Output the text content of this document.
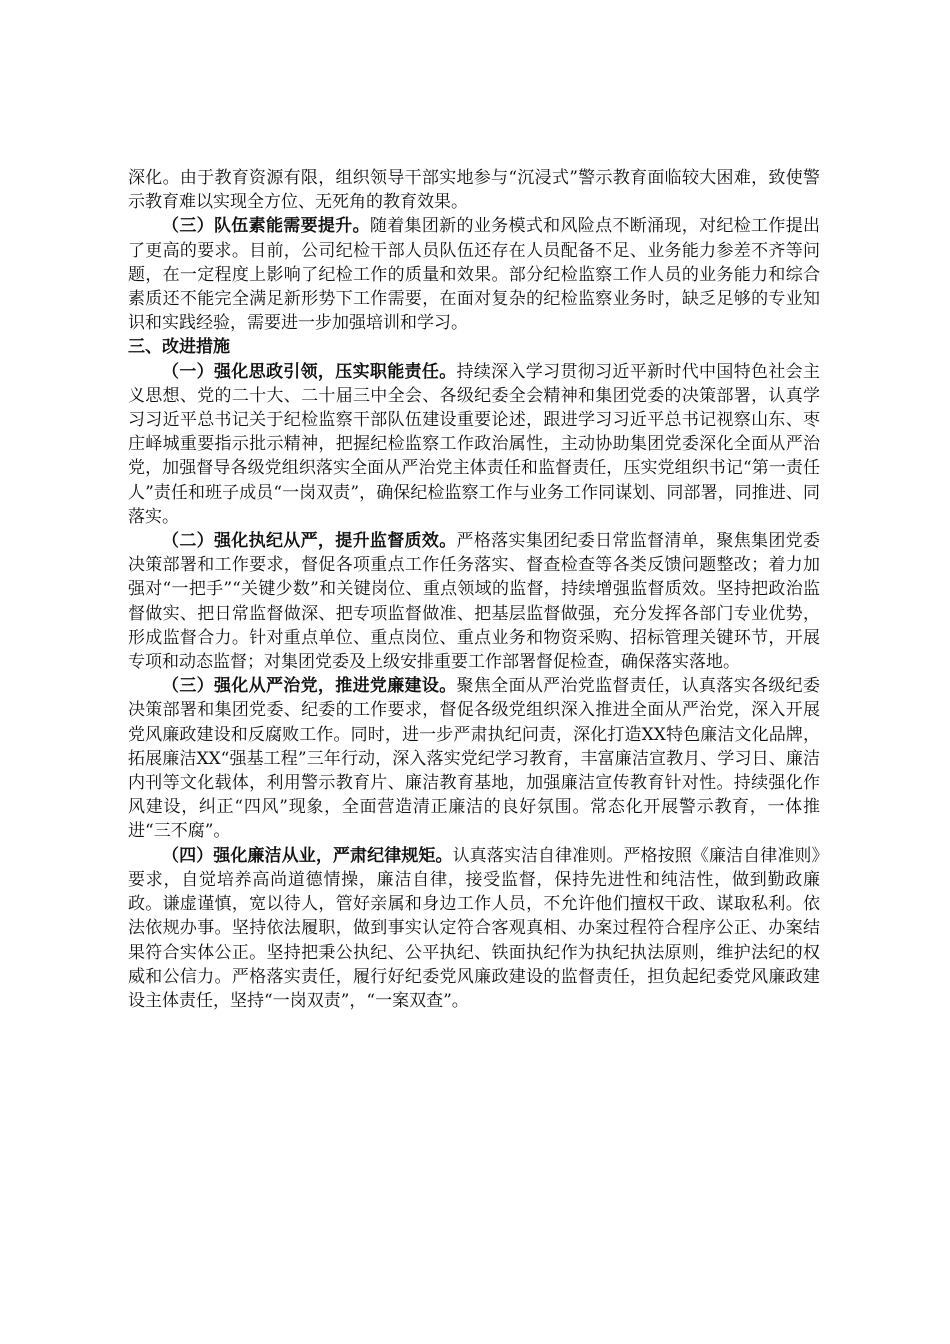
深化。由于教育资源有限，组织领导干部实地参与“沉浸式”警示教育面临较大困难，致使警示教育难以实现全方位、无死角的教育效果。

（三）队伍素能需要提升。随着集团新的业务模式和风险点不断涌现，对纪检工作提出了更高的要求。目前，公司纪检干部人员队伍还存在人员配备不足、业务能力参差不齐等问题，在一定程度上影响了纪检工作的质量和效果。部分纪检监察工作人员的业务能力和综合素质还不能完全满足新形势下工作需要，在面对复杂的纪检监察业务时，缺乏足够的专业知识和实践经验，需要进一步加强培训和学习。

三、改进措施

（一）强化思政引领，压实职能责任。持续深入学习贯彻习近平新时代中国特色社会主义思想、党的二十大、二十届三中全会、各级纪委全会精神和集团党委的决策部署，认真学习习近平总书记关于纪检监察干部队伍建设重要论述，跟进学习习近平总书记视察山东、枣庄峄城重要指示批示精神，把握纪检监察工作政治属性，主动协助集团党委深化全面从严治党，加强督导各级党组织落实全面从严治党主体责任和监督责任，压实党组织书记“第一责任人”责任和班子成员“一岗双责”，确保纪检监察工作与业务工作同谋划、同部署，同推进、同落实。

（二）强化执纪从严，提升监督质效。严格落实集团纪委日常监督清单，聚焦集团党委决策部署和工作要求，督促各项重点工作任务落实、督查检查等各类反馈问题整改；着力加强对“一把手”“关键少数”和关键岗位、重点领域的监督，持续增强监督质效。坚持把政治监督做实、把日常监督做深、把专项监督做准、把基层监督做强，充分发挥各部门专业优势，形成监督合力。针对重点单位、重点岗位、重点业务和物资采购、招标管理关键环节，开展专项和动态监督；对集团党委及上级安排重要工作部署督促检查，确保落实落地。

（三）强化从严治党，推进党廉建设。聚焦全面从严治党监督责任，认真落实各级纪委决策部署和集团党委、纪委的工作要求，督促各级党组织深入推进全面从严治党，深入开展党风廉政建设和反腐败工作。同时，进一步严肃执纪问责，深化打造XX特色廉洁文化品牌，拓展廉洁XX“强基工程”三年行动，深入落实党纪学习教育，丰富廉洁宣教月、学习日、廉洁内刊等文化载体，利用警示教育片、廉洁教育基地，加强廉洁宣传教育针对性。持续强化作风建设，纠正“四风”现象，全面营造清正廉洁的良好氛围。常态化开展警示教育，一体推进“三不腐”。

（四）强化廉洁从业，严肃纪律规矩。认真落实洁自律准则。严格按照《廉洁自律准则》要求，自觉培养高尚道德情操，廉洁自律，接受监督，保持先进性和纯洁性，做到勤政廉政。谦虚谨慎，宽以待人，管好亲属和身边工作人员，不允许他们擅权干政、谋取私利。依法依规办事。坚持依法履职，做到事实认定符合客观真相、办案过程符合程序公正、办案结果符合实体公正。坚持把秉公执纪、公平执纪、铁面执纪作为执纪执法原则，维护法纪的权威和公信力。严格落实责任，履行好纪委党风廉政建设的监督责任，担负起纪委党风廉政建设主体责任，坚持“一岗双责”，“一案双查”。
